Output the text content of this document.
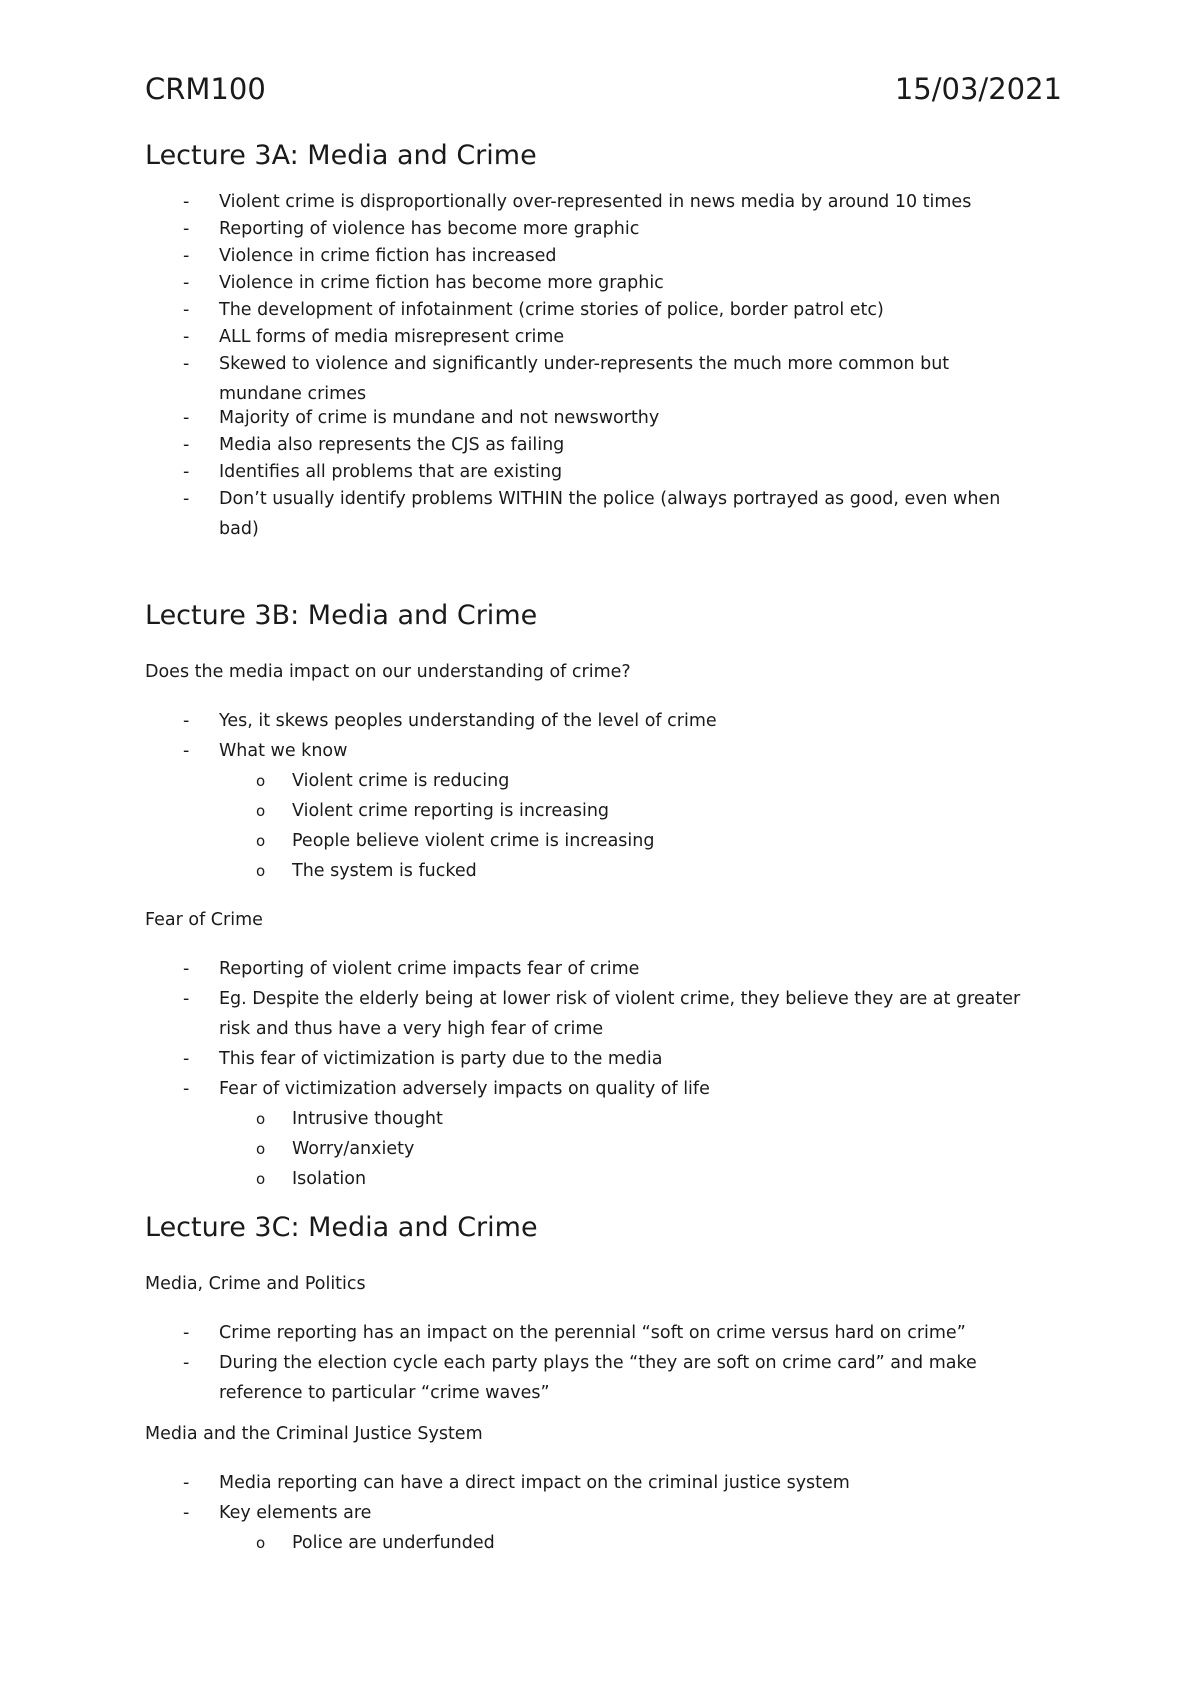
CRM100	15/03/2021
Lecture 3A: Media and Crime
- Violent crime is disproportionally over-represented in news media by around 10 times
- Reporting of violence has become more graphic
- Violence in crime fiction has increased
- Violence in crime fiction has become more graphic
- The development of infotainment (crime stories of police, border patrol etc)
- ALL forms of media misrepresent crime
- Skewed to violence and significantly under-represents the much more common but mundane crimes
- Majority of crime is mundane and not newsworthy
- Media also represents the CJS as failing
- Identifies all problems that are existing
- Don’t usually identify problems WITHIN the police (always portrayed as good, even when bad)
Lecture 3B: Media and Crime
Does the media impact on our understanding of crime?
- Yes, it skews peoples understanding of the level of crime
- What we know
o Violent crime is reducing
o Violent crime reporting is increasing
o People believe violent crime is increasing
o The system is fucked
Fear of Crime
- Reporting of violent crime impacts fear of crime
- Eg. Despite the elderly being at lower risk of violent crime, they believe they are at greater risk and thus have a very high fear of crime
- This fear of victimization is party due to the media
- Fear of victimization adversely impacts on quality of life
o Intrusive thought
o Worry/anxiety
o Isolation
Lecture 3C: Media and Crime
Media, Crime and Politics
- Crime reporting has an impact on the perennial “soft on crime versus hard on crime”
- During the election cycle each party plays the “they are soft on crime card” and make reference to particular “crime waves”
Media and the Criminal Justice System
- Media reporting can have a direct impact on the criminal justice system
- Key elements are
o Police are underfunded
